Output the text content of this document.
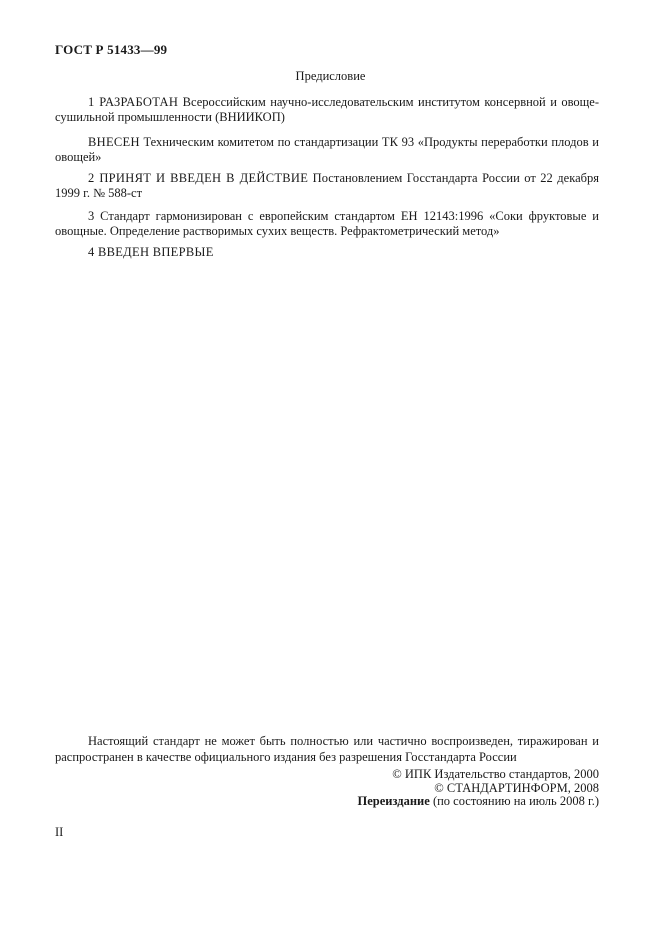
ГОСТ Р 51433—99
Предисловие

1 РАЗРАБОТАН Всероссийским научно-исследовательским институтом консервной и овоще-сушильной промышленности (ВНИИКОП)

ВНЕСЕН Техническим комитетом по стандартизации ТК 93 «Продукты переработки плодов и овощей»

2 ПРИНЯТ И ВВЕДЕН В ДЕЙСТВИЕ Постановлением Госстандарта России от 22 декабря 1999 г. № 588-ст

3 Стандарт гармонизирован с европейским стандартом ЕН 12143:1996 «Соки фруктовые и овощные. Определение растворимых сухих веществ. Рефрактометрический метод»

4 ВВЕДЕН ВПЕРВЫЕ

Настоящий стандарт не может быть полностью или частично воспроизведен, тиражирован и распространен в качестве официального издания без разрешения Госстандарта России

© ИПК Издательство стандартов, 2000
© СТАНДАРТИНФОРМ, 2008
Переиздание (по состоянию на июль 2008 г.)
II
